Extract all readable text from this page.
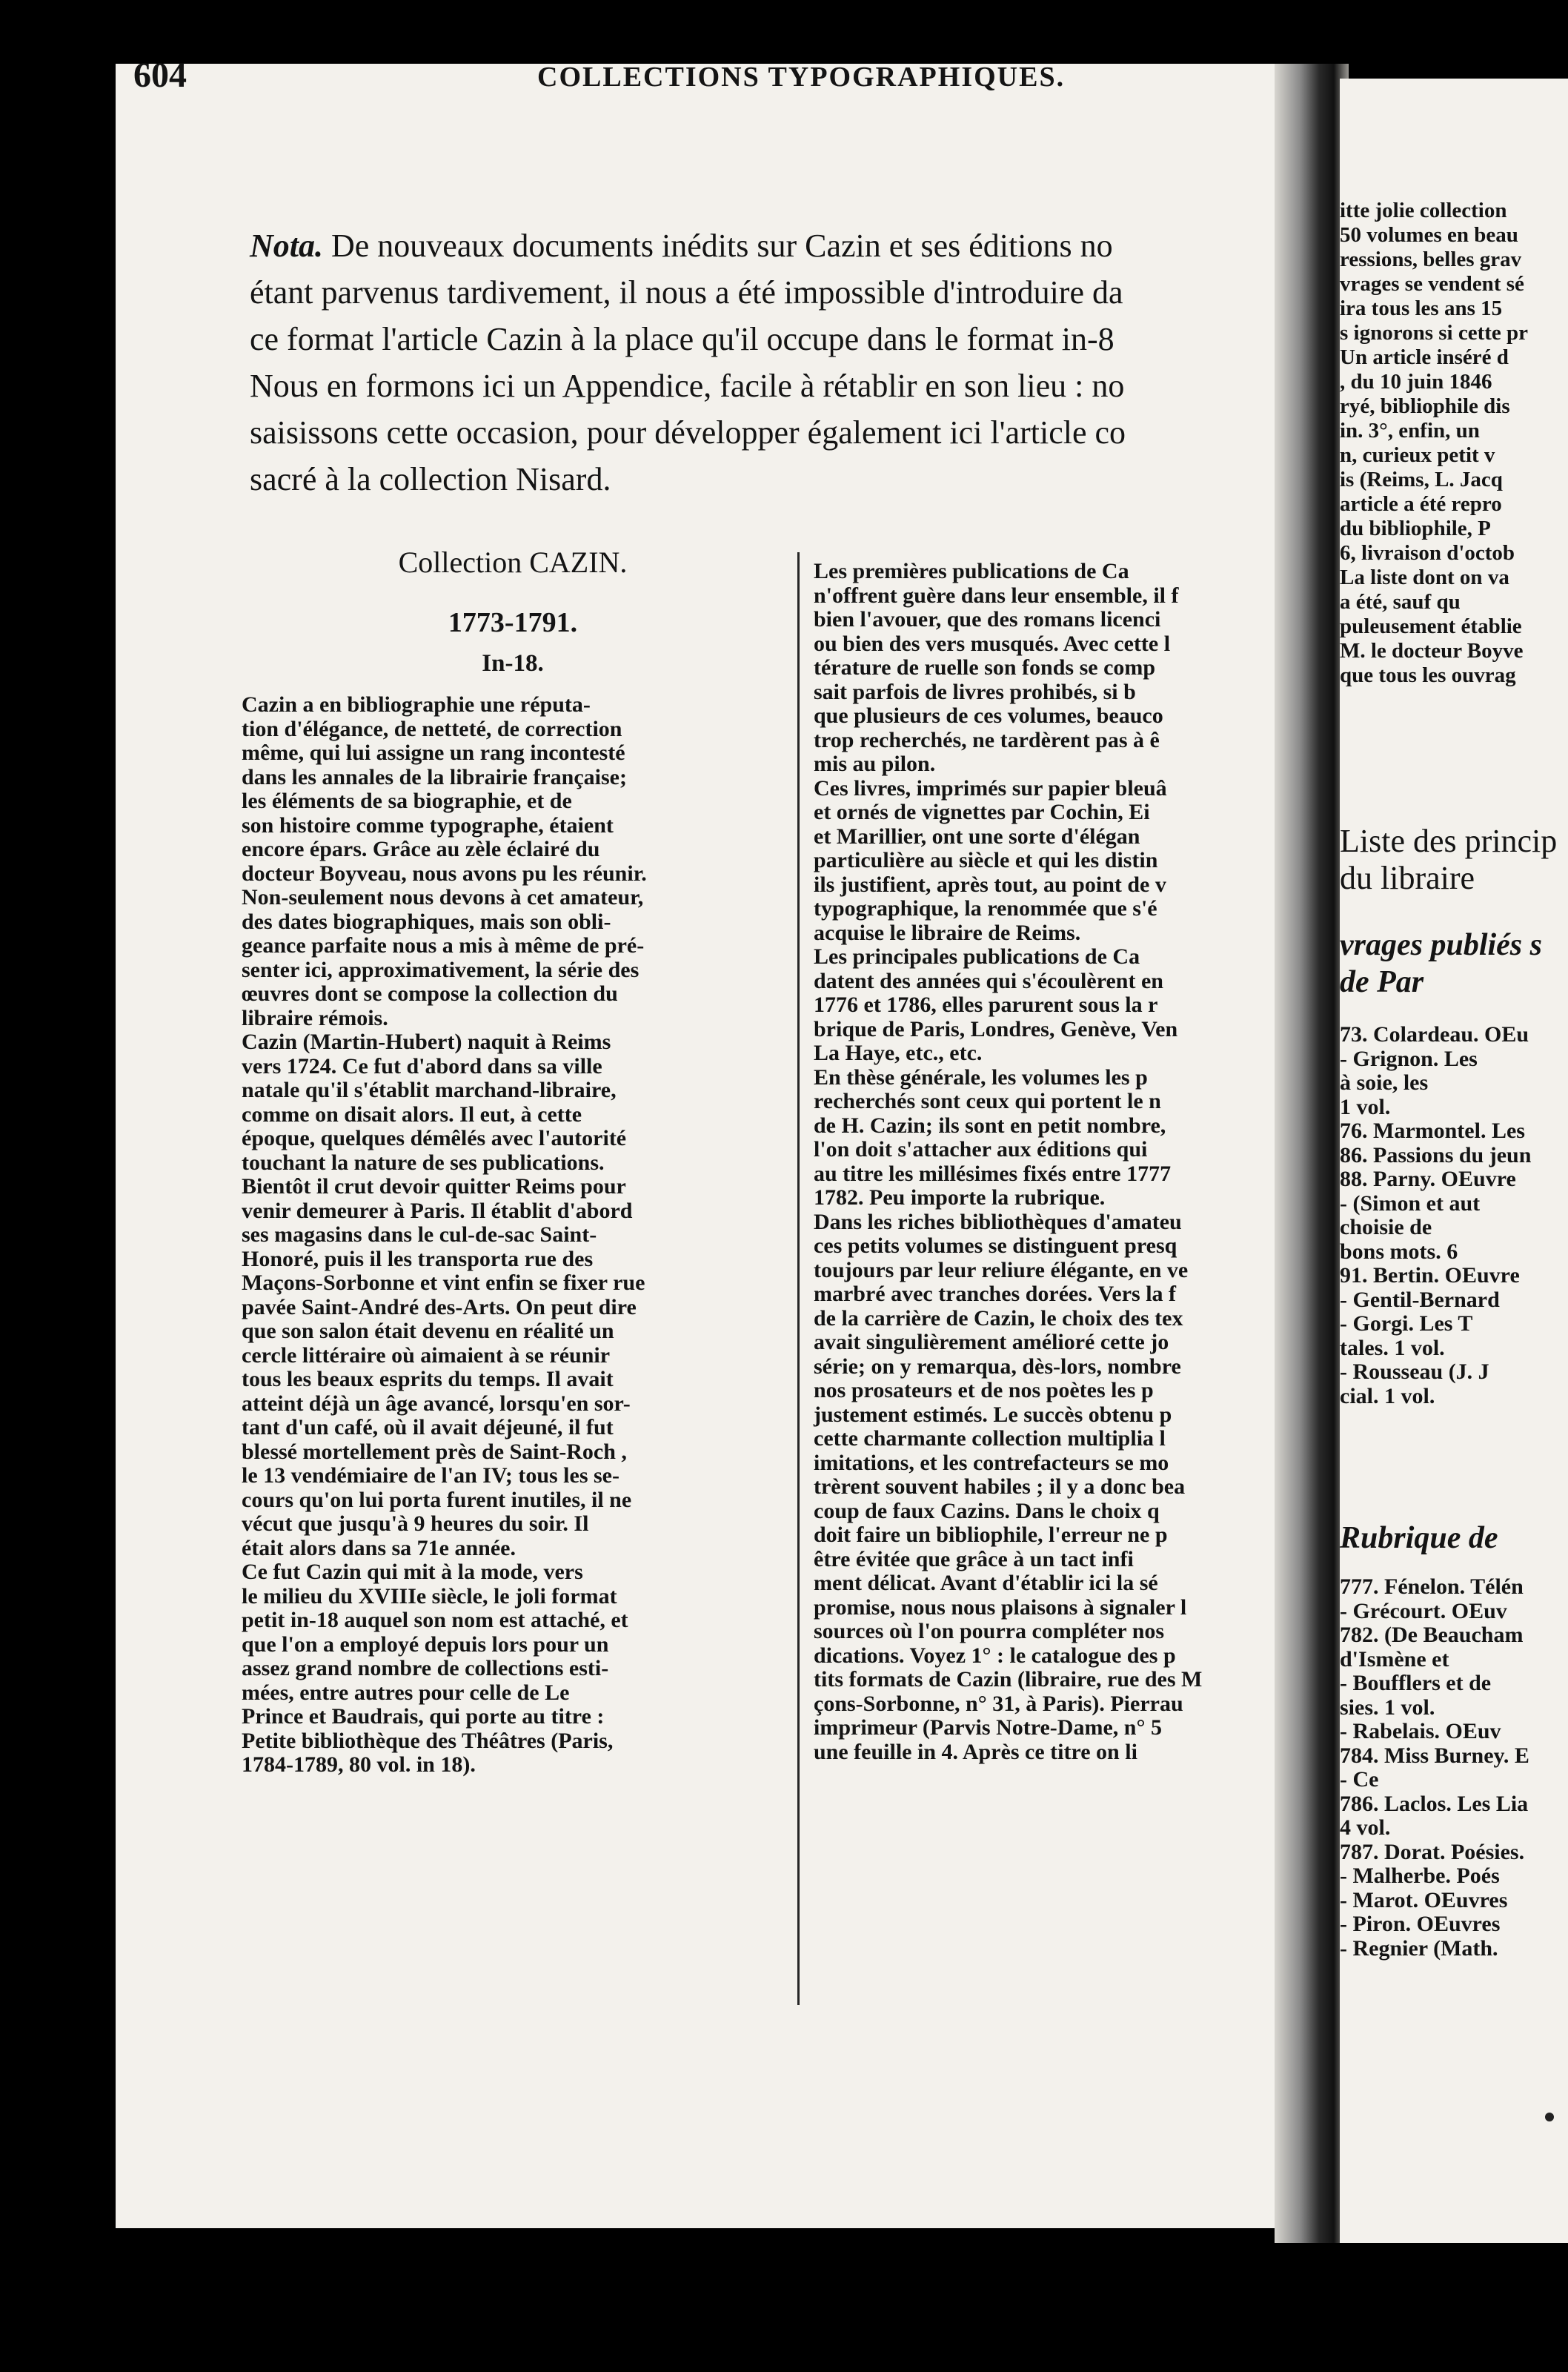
604	COLLECTIONS TYPOGRAPHIQUES.

Nota. De nouveaux documents inédits sur Cazin et ses éditions no

étant parvenus tardivement, il nous a été impossible d'introduire da

ce format l'article Cazin à la place qu'il occupe dans le format in-8

Nous en formons ici un Appendice, facile à rétablir en son lieu : no

saisissons cette occasion, pour développer également ici l'article co

sacré à la collection Nisard.

Collection CAZIN.

1773-1791.

In-18.

Cazin a en bibliographie une réputa-

tion d'élégance, de netteté, de correction

même, qui lui assigne un rang incontesté

dans les annales de la librairie française;

les éléments de sa biographie, et de

son histoire comme typographe, étaient

encore épars. Grâce au zèle éclairé du

docteur Boyveau, nous avons pu les réunir.

Non-seulement nous devons à cet amateur,

des dates biographiques, mais son obli-

geance parfaite nous a mis à même de pré-

senter ici, approximativement, la série des

œuvres dont se compose la collection du

libraire rémois.

Cazin (Martin-Hubert) naquit à Reims

vers 1724. Ce fut d'abord dans sa ville

natale qu'il s'établit marchand-libraire,

comme on disait alors. Il eut, à cette

époque, quelques démêlés avec l'autorité

touchant la nature de ses publications.

Bientôt il crut devoir quitter Reims pour

venir demeurer à Paris. Il établit d'abord

ses magasins dans le cul-de-sac Saint-

Honoré, puis il les transporta rue des

Maçons-Sorbonne et vint enfin se fixer rue

pavée Saint-André des-Arts. On peut dire

que son salon était devenu en réalité un

cercle littéraire où aimaient à se réunir

tous les beaux esprits du temps. Il avait

atteint déjà un âge avancé, lorsqu'en sor-

tant d'un café, où il avait déjeuné, il fut

blessé mortellement près de Saint-Roch ,

le 13 vendémiaire de l'an IV; tous les se-

cours qu'on lui porta furent inutiles, il ne

vécut que jusqu'à 9 heures du soir. Il

était alors dans sa 71e année.

Ce fut Cazin qui mit à la mode, vers

le milieu du XVIIIe siècle, le joli format

petit in-18 auquel son nom est attaché, et

que l'on a employé depuis lors pour un

assez grand nombre de collections esti-

mées, entre autres pour celle de Le

Prince et Baudrais, qui porte au titre :

Petite bibliothèque des Théâtres (Paris,

1784-1789, 80 vol. in 18).

Les premières publications de Ca

n'offrent guère dans leur ensemble, il f

bien l'avouer, que des romans licenci

ou bien des vers musqués. Avec cette l

térature de ruelle son fonds se comp

sait parfois de livres prohibés, si b

que plusieurs de ces volumes, beauco

trop recherchés, ne tardèrent pas à ê

mis au pilon.

Ces livres, imprimés sur papier bleuâ

et ornés de vignettes par Cochin, Ei

et Marillier, ont une sorte d'élégan

particulière au siècle et qui les distin

ils justifient, après tout, au point de v

typographique, la renommée que s'é

acquise le libraire de Reims.

Les principales publications de Ca

datent des années qui s'écoulèrent en

1776 et 1786, elles parurent sous la r

brique de Paris, Londres, Genève, Ven

La Haye, etc., etc.

En thèse générale, les volumes les p

recherchés sont ceux qui portent le n

de H. Cazin; ils sont en petit nombre,

l'on doit s'attacher aux éditions qui

au titre les millésimes fixés entre 1777

1782. Peu importe la rubrique.

Dans les riches bibliothèques d'amateu

ces petits volumes se distinguent presq

toujours par leur reliure élégante, en ve

marbré avec tranches dorées. Vers la f

de la carrière de Cazin, le choix des tex

avait singulièrement amélioré cette jo

série; on y remarqua, dès-lors, nombre

nos prosateurs et de nos poètes les p

justement estimés. Le succès obtenu p

cette charmante collection multiplia l

imitations, et les contrefacteurs se mo

trèrent souvent habiles ; il y a donc bea

coup de faux Cazins. Dans le choix q

doit faire un bibliophile, l'erreur ne p

être évitée que grâce à un tact infi

ment délicat. Avant d'établir ici la sé

promise, nous nous plaisons à signaler l

sources où l'on pourra compléter nos

dications. Voyez 1° : le catalogue des p

tits formats de Cazin (libraire, rue des M

çons-Sorbonne, n° 31, à Paris). Pierrau

imprimeur (Parvis Notre-Dame, n° 5

une feuille in 4. Après ce titre on li

itte jolie collection

50 volumes en beau

ressions, belles grav

vrages se vendent sé

ira tous les ans 15

s ignorons si cette pr

Un article inséré d

, du 10 juin 1846

ryé, bibliophile dis

in. 3°, enfin, un

n, curieux petit v

is (Reims, L. Jacq

article a été repro

du bibliophile, P

6, livraison d'octob

La liste dont on va

a été, sauf qu

puleusement établie

M. le docteur Boyve

que tous les ouvrag

Liste des princip

du libraire

vrages publiés s

de Par

73. Colardeau. OEu

- Grignon. Les

à soie, les

1 vol.

76. Marmontel. Les

86. Passions du jeun

88. Parny. OEuvre

- (Simon et aut

choisie de

bons mots. 6

91. Bertin. OEuvre

- Gentil-Bernard

- Gorgi. Les T

tales. 1 vol.

- Rousseau (J. J

cial. 1 vol.

Rubrique de

777. Fénelon. Télén

- Grécourt. OEuv

782. (De Beaucham

d'Ismène et

- Boufflers et de

sies. 1 vol.

- Rabelais. OEuv

784. Miss Burney. E

- Ce

786. Laclos. Les Lia

4 vol.

787. Dorat. Poésies.

- Malherbe. Poés

- Marot. OEuvres

- Piron. OEuvres

- Regnier (Math.
